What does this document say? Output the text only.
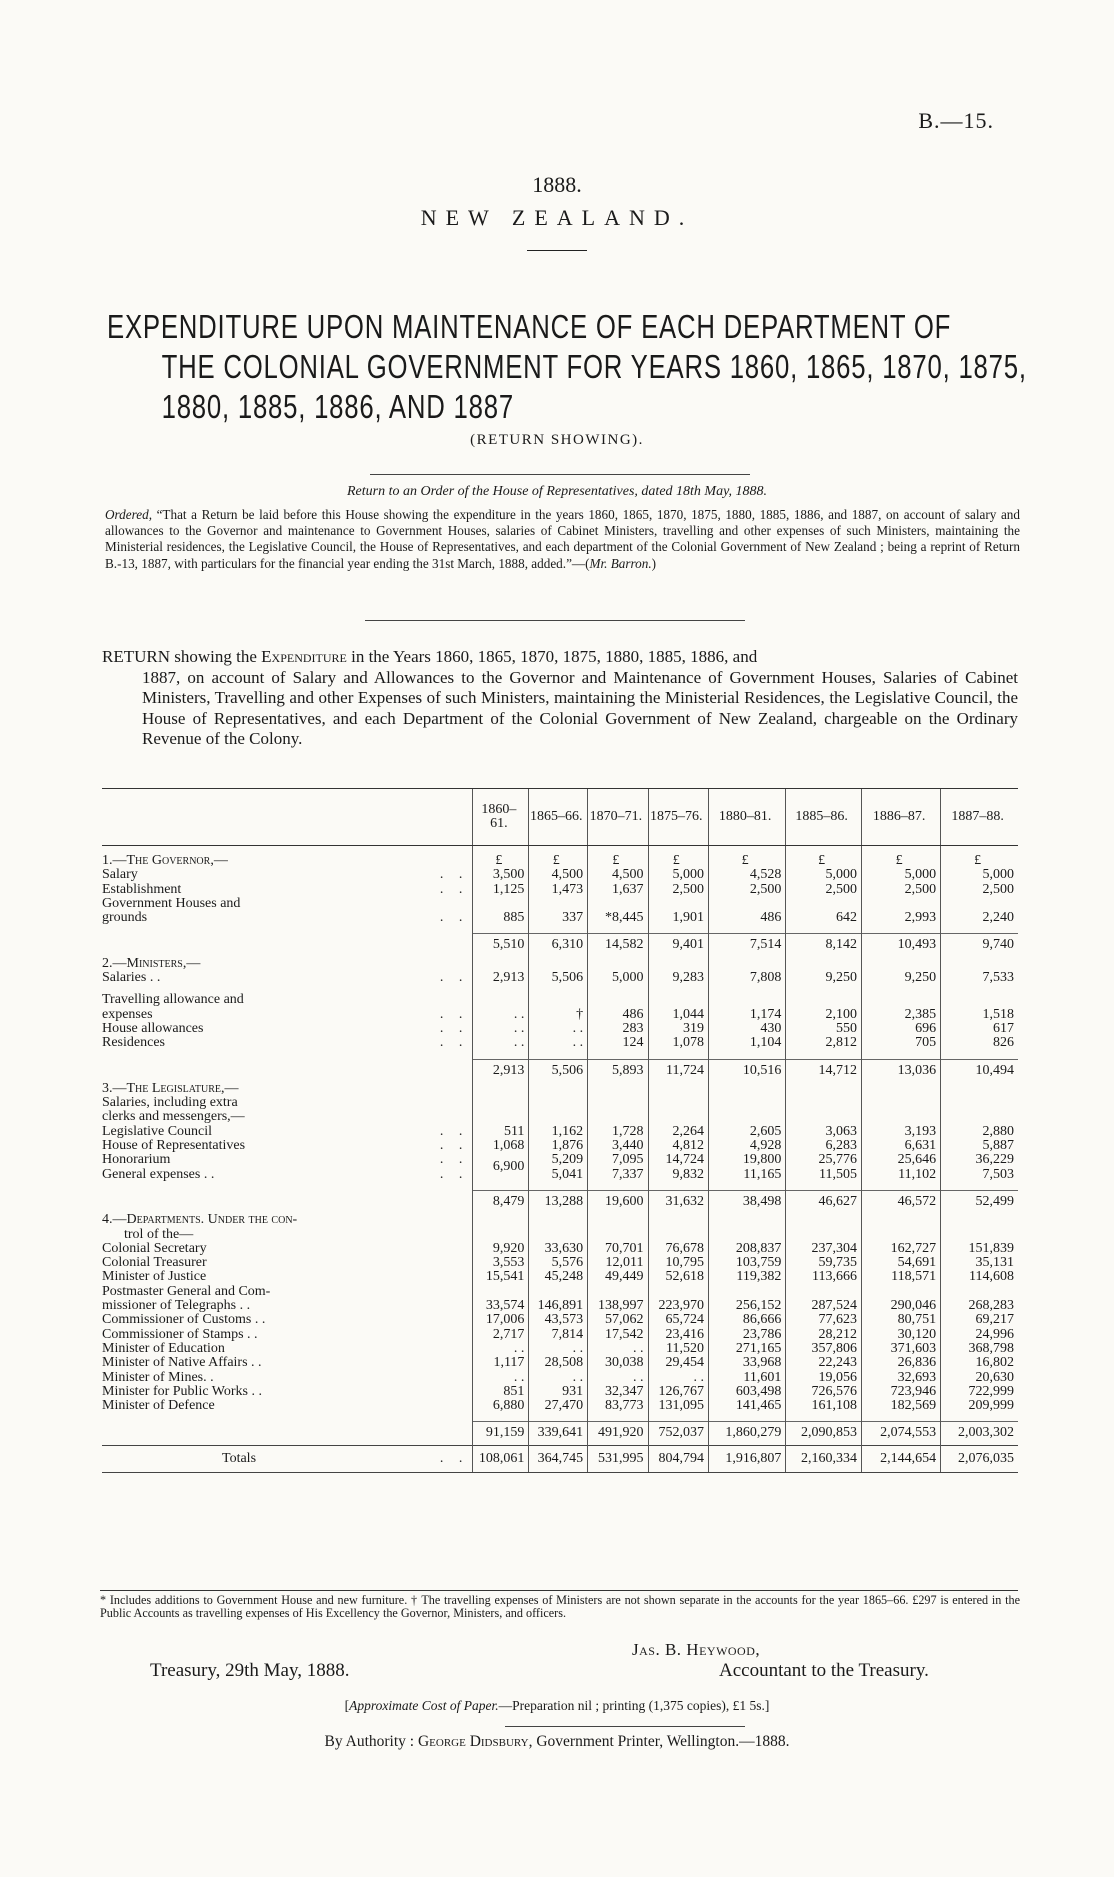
B.—15.
1888.
NEW ZEALAND.
EXPENDITURE UPON MAINTENANCE OF EACH DEPARTMENT OF
THE COLONIAL GOVERNMENT FOR YEARS 1860, 1865, 1870, 1875,
1880, 1885, 1886, AND 1887
(RETURN SHOWING).
Return to an Order of the House of Representatives, dated 18th May, 1888.
Ordered, “That a Return be laid before this House showing the expenditure in the years 1860, 1865, 1870, 1875, 1880, 1885, 1886, and 1887, on account of salary and allowances to the Governor and maintenance to Government Houses, salaries of Cabinet Ministers, travelling and other expenses of such Ministers, maintaining the Ministerial residences, the Legislative Council, the House of Representatives, and each department of the Colonial Government of New Zealand ; being a reprint of Return B.-13, 1887, with particulars for the financial year ending the 31st March, 1888, added.”—(Mr. Barron.)
RETURN showing the Expenditure in the Years 1860, 1865, 1870, 1875, 1880, 1885, 1886, and
1887, on account of Salary and Allowances to the Governor and Maintenance of Government Houses, Salaries of Cabinet Ministers, Travelling and other Expenses of such Ministers, maintaining the Ministerial Residences, the Legislative Council, the House of Representatives, and each Department of the Colonial Government of New Zealand, chargeable on the Ordinary Revenue of the Colony.
	1860–61.	1865–66.	1870–71.	1875–76.	1880–81.	1885–86.	1886–87.	1887–88.

1.—The Governor,—	£	£	£	£	£	£	£	£
Salary . .	3,500	4,500	4,500	5,000	4,528	5,000	5,000	5,000
Establishment . .	1,125	1,473	1,637	2,500	2,500	2,500	2,500	2,500
Government Houses and								
grounds . .	885	337	*8,445	1,901	486	642	2,993	2,240

	5,510	6,310	14,582	9,401	7,514	8,142	10,493	9,740
2.—Ministers,—								
Salaries . . . .	2,913	5,506	5,000	9,283	7,808	9,250	9,250	7,533

Travelling allowance and								
expenses . .	. .	†	486	1,044	1,174	2,100	2,385	1,518
House allowances . .	. .	. .	283	319	430	550	696	617
Residences . .	. .	. .	124	1,078	1,104	2,812	705	826

	2,913	5,506	5,893	11,724	10,516	14,712	13,036	10,494
3.—The Legislature,—								
Salaries, including extra								
clerks and messengers,—								
Legislative Council . .	511	1,162	1,728	2,264	2,605	3,063	3,193	2,880
House of Representatives . .	1,068	1,876	3,440	4,812	4,928	6,283	6,631	5,887
Honorarium . .	6,900	5,209	7,095	14,724	19,800	25,776	25,646	36,229
General expenses . . . .		5,041	7,337	9,832	11,165	11,505	11,102	7,503

	8,479	13,288	19,600	31,632	38,498	46,627	46,572	52,499
4.—Departments. Under the con-								
trol of the—								
Colonial Secretary	9,920	33,630	70,701	76,678	208,837	237,304	162,727	151,839
Colonial Treasurer	3,553	5,576	12,011	10,795	103,759	59,735	54,691	35,131
Minister of Justice	15,541	45,248	49,449	52,618	119,382	113,666	118,571	114,608
Postmaster General and Com-								
missioner of Telegraphs . .	33,574	146,891	138,997	223,970	256,152	287,524	290,046	268,283
Commissioner of Customs . .	17,006	43,573	57,062	65,724	86,666	77,623	80,751	69,217
Commissioner of Stamps . .	2,717	7,814	17,542	23,416	23,786	28,212	30,120	24,996
Minister of Education	. .	. .	. .	11,520	271,165	357,806	371,603	368,798
Minister of Native Affairs . .	1,117	28,508	30,038	29,454	33,968	22,243	26,836	16,802
Minister of Mines. .	. .	. .	. .	. .	11,601	19,056	32,693	20,630
Minister for Public Works . .	851	931	32,347	126,767	603,498	726,576	723,946	722,999
Minister of Defence	6,880	27,470	83,773	131,095	141,465	161,108	182,569	209,999

	91,159	339,641	491,920	752,037	1,860,279	2,090,853	2,074,553	2,003,302
Totals . .	108,061	364,745	531,995	804,794	1,916,807	2,160,334	2,144,654	2,076,035
* Includes additions to Government House and new furniture. † The travelling expenses of Ministers are not shown separate in the accounts for the year 1865–66. £297 is entered in the Public Accounts as travelling expenses of His Excellency the Governor, Ministers, and officers.
Jas. B. Heywood,
Treasury, 29th May, 1888.	Accountant to the Treasury.
[Approximate Cost of Paper.—Preparation nil ; printing (1,375 copies), £1 5s.]
By Authority : George Didsbury, Government Printer, Wellington.—1888.
